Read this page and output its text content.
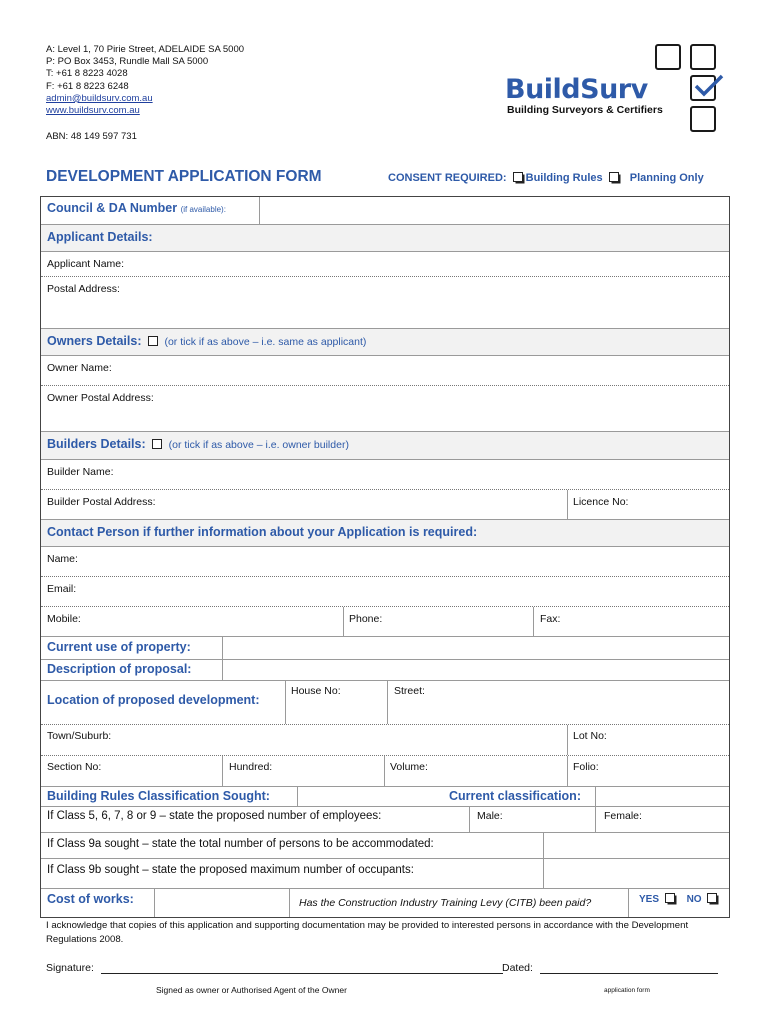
A: Level 1, 70 Pirie Street, ADELAIDE SA 5000
P: PO Box 3453, Rundle Mall SA 5000
T: +61 8 8223 4028
F: +61 8 8223 6248
admin@buildsurv.com.au
www.buildsurv.com.au
ABN: 48 149 597 731
BuildSurv
Building Surveyors & Certifiers
DEVELOPMENT APPLICATION FORM	CONSENT REQUIRED: Building Rules Planning Only
Council & DA Number (if available):
Applicant Details:
Applicant Name:
Postal Address:
Owners Details: (or tick if as above – i.e. same as applicant)
Owner Name:
Owner Postal Address:
Builders Details: (or tick if as above – i.e. owner builder)
Builder Name:
Builder Postal Address:	Licence No:
Contact Person if further information about your Application is required:
Name:
Email:
Mobile:	Phone:	Fax:
Current use of property:
Description of proposal:
Location of proposed development:
House No:	Street:
Town/Suburb:	Lot No:
Section No:	Hundred:	Volume:	Folio:
Building Rules Classification Sought:	Current classification:
If Class 5, 6, 7, 8 or 9 – state the proposed number of employees:	Male:	Female:
If Class 9a sought – state the total number of persons to be accommodated:
If Class 9b sought – state the proposed maximum number of occupants:
Cost of works:	Has the Construction Industry Training Levy (CITB) been paid?	YES	NO
I acknowledge that copies of this application and supporting documentation may be provided to interested persons in accordance with the Development Regulations 2008.
Signature:	Dated:
Signed as owner or Authorised Agent of the Owner	application form
